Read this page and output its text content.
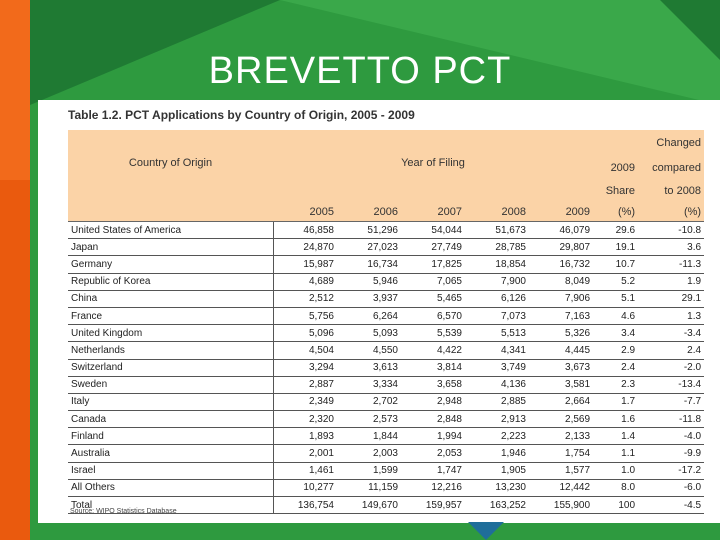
BREVETTO PCT
Table 1.2. PCT Applications by Country of Origin, 2005 - 2009
							Changed
Country of Origin	Year of Filing					2009	compared
						Share	to 2008
	2005	2006	2007	2008	2009	(%)	(%)
United States of America	46,858	51,296	54,044	51,673	46,079	29.6	-10.8
Japan	24,870	27,023	27,749	28,785	29,807	19.1	3.6
Germany	15,987	16,734	17,825	18,854	16,732	10.7	-11.3
Republic of Korea	4,689	5,946	7,065	7,900	8,049	5.2	1.9
China	2,512	3,937	5,465	6,126	7,906	5.1	29.1
France	5,756	6,264	6,570	7,073	7,163	4.6	1.3
United Kingdom	5,096	5,093	5,539	5,513	5,326	3.4	-3.4
Netherlands	4,504	4,550	4,422	4,341	4,445	2.9	2.4
Switzerland	3,294	3,613	3,814	3,749	3,673	2.4	-2.0
Sweden	2,887	3,334	3,658	4,136	3,581	2.3	-13.4
Italy	2,349	2,702	2,948	2,885	2,664	1.7	-7.7
Canada	2,320	2,573	2,848	2,913	2,569	1.6	-11.8
Finland	1,893	1,844	1,994	2,223	2,133	1.4	-4.0
Australia	2,001	2,003	2,053	1,946	1,754	1.1	-9.9
Israel	1,461	1,599	1,747	1,905	1,577	1.0	-17.2
All Others	10,277	11,159	12,216	13,230	12,442	8.0	-6.0
Total	136,754	149,670	159,957	163,252	155,900	100	-4.5
Source: WIPO Statistics Database
